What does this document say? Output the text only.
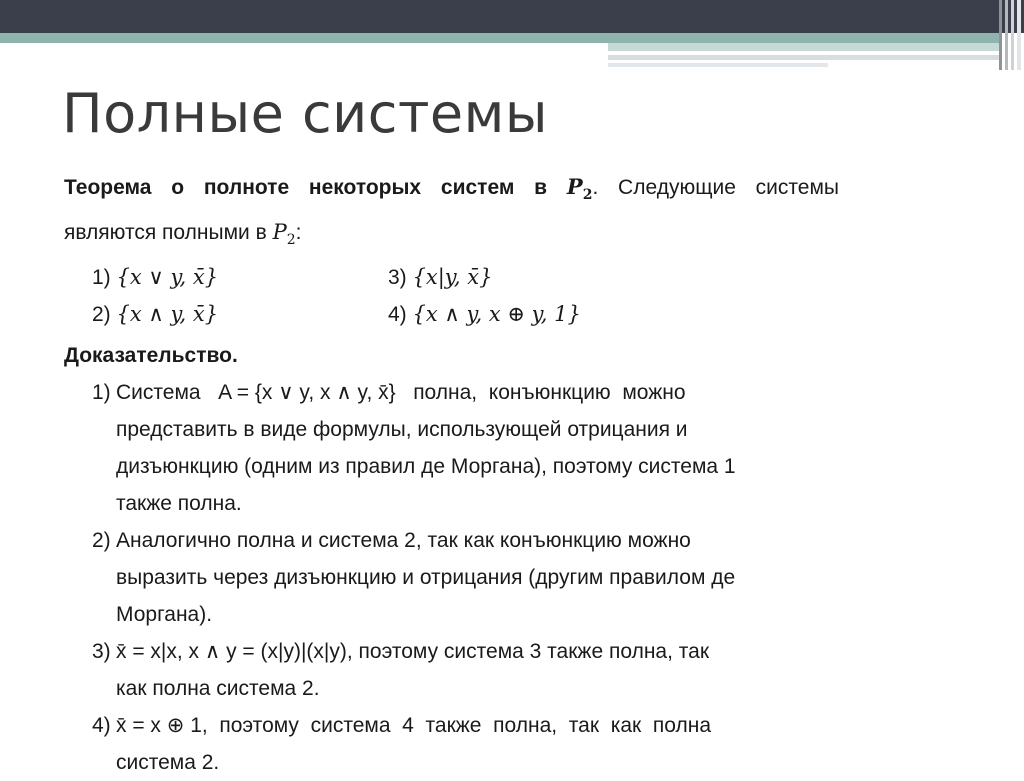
Полные системы
Теорема о полноте некоторых систем в $P_2$. Следующие системы
являются полными в $P_2$:
1) {x ∨ y, x̄}	3) {x|y, x̄}
2) {x ∧ y, x̄}	4) {x ∧ y, x ⊕ y, 1}
Доказательство.
1) Система   A = {x ∨ y, x ∧ y, x̄}   полна,  конъюнкцию  можно
представить в виде формулы, использующей отрицания и
дизъюнкцию (одним из правил де Моргана), поэтому система 1
также полна.
2) Аналогично полна и система 2, так как конъюнкцию можно
выразить через дизъюнкцию и отрицания (другим правилом де
Моргана).
3) x̄ = x|x, x ∧ y = (x|y)|(x|y), поэтому система 3 также полна, так
как полна система 2.
4) x̄ = x ⊕ 1,  поэтому  система  4  также  полна,  так  как  полна
система 2.
